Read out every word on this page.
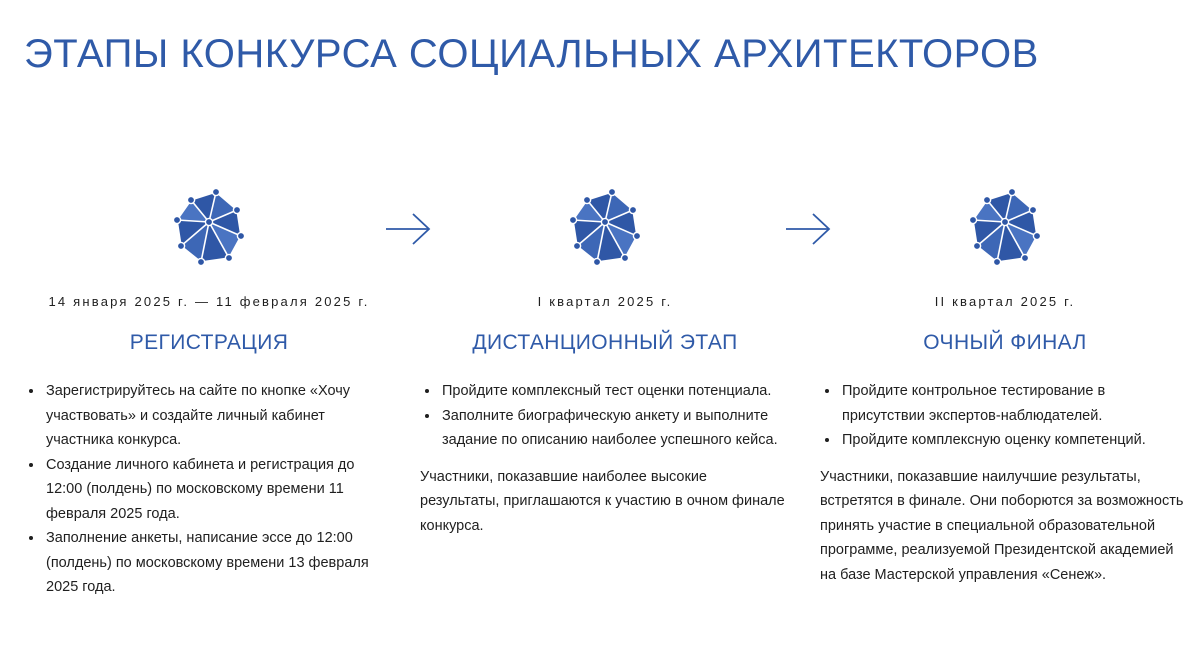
ЭТАПЫ КОНКУРСА СОЦИАЛЬНЫХ АРХИТЕКТОРОВ
14 января 2025 г. — 11 февраля 2025 г.
РЕГИСТРАЦИЯ
• Зарегистрируйтесь на сайте по кнопке «Хочу участвовать» и создайте личный кабинет участника конкурса.
• Создание личного кабинета и регистрация до 12:00 (полдень) по московскому времени 11 февраля 2025 года.
• Заполнение анкеты, написание эссе до 12:00 (полдень) по московскому времени 13 февраля 2025 года.
I квартал 2025 г.
ДИСТАНЦИОННЫЙ ЭТАП
• Пройдите комплексный тест оценки потенциала.
• Заполните биографическую анкету и выполните задание по описанию наиболее успешного кейса.

Участники, показавшие наиболее высокие результаты, приглашаются к участию в очном финале конкурса.

II квартал 2025 г.
ОЧНЫЙ ФИНАЛ
• Пройдите контрольное тестирование в присутствии экспертов-наблюдателей.
• Пройдите комплексную оценку компетенций.

Участники, показавшие наилучшие результаты, встретятся в финале. Они поборются за возможность принять участие в специальной образовательной программе, реализуемой Президентской академией на базе Мастерской управления «Сенеж».
